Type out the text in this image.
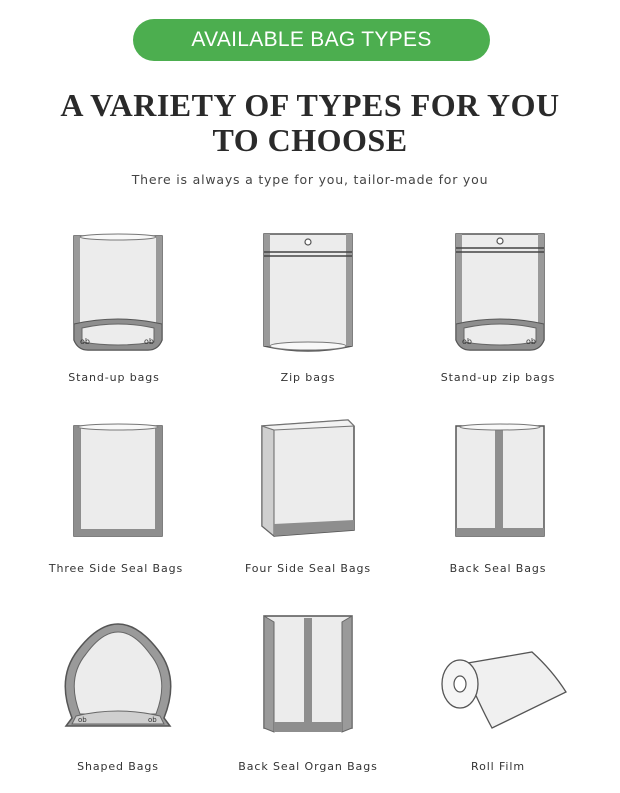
AVAILABLE BAG TYPES
A VARIETY OF TYPES FOR YOU
TO CHOOSE
There is always a type for you, tailor-made for you
ob	ob
Stand-up bags	Zip bags
ob	ob
Stand-up zip bags
Three Side Seal Bags	Four Side Seal Bags	Back Seal Bags
ob	ob
Shaped Bags	Back Seal Organ Bags	Roll Film
